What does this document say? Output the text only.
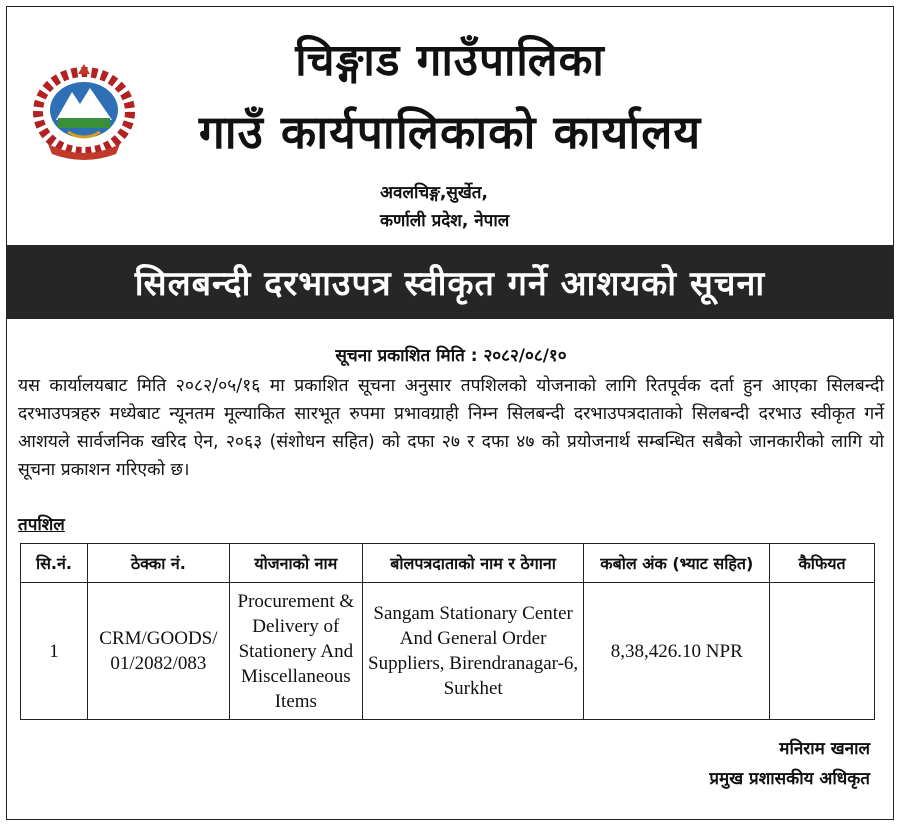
चिङ्गाड गाउँपालिका
गाउँ कार्यपालिकाको कार्यालय
अवलचिङ्ग,सुर्खेत,
कर्णाली प्रदेश, नेपाल
सिलबन्दी दरभाउपत्र स्वीकृत गर्ने आशयको सूचना
सूचना प्रकाशित मिति : २०८२/०८/१०
यस कार्यालयबाट मिति २०८२/०५/१६ मा प्रकाशित सूचना अनुसार तपशिलको योजनाको लागि रितपूर्वक दर्ता हुन आएका सिलबन्दी दरभाउपत्रहरु मध्येबाट न्यूनतम मूल्याकित सारभूत रुपमा प्रभावग्राही निम्न सिलबन्दी दरभाउपत्रदाताको सिलबन्दी दरभाउ स्वीकृत गर्ने आशयले सार्वजनिक खरिद ऐन, २०६३ (संशोधन सहित) को दफा २७ र दफा ४७ को प्रयोजनार्थ सम्बन्धित सबैको जानकारीको लागि यो सूचना प्रकाशन गरिएको छ।
तपशिल
सि.नं.	ठेक्का नं.	योजनाको नाम	बोलपत्रदाताको नाम र ठेगाना	कबोल अंक (भ्याट सहित)	कैफियत
1	CRM/GOODS/ 01/2082/083	Procurement & Delivery of Stationery And Miscellaneous Items	Sangam Stationary Center And General Order Suppliers, Birendranagar-6, Surkhet	8,38,426.10 NPR	
मनिराम खनाल
प्रमुख प्रशासकीय अधिकृत
